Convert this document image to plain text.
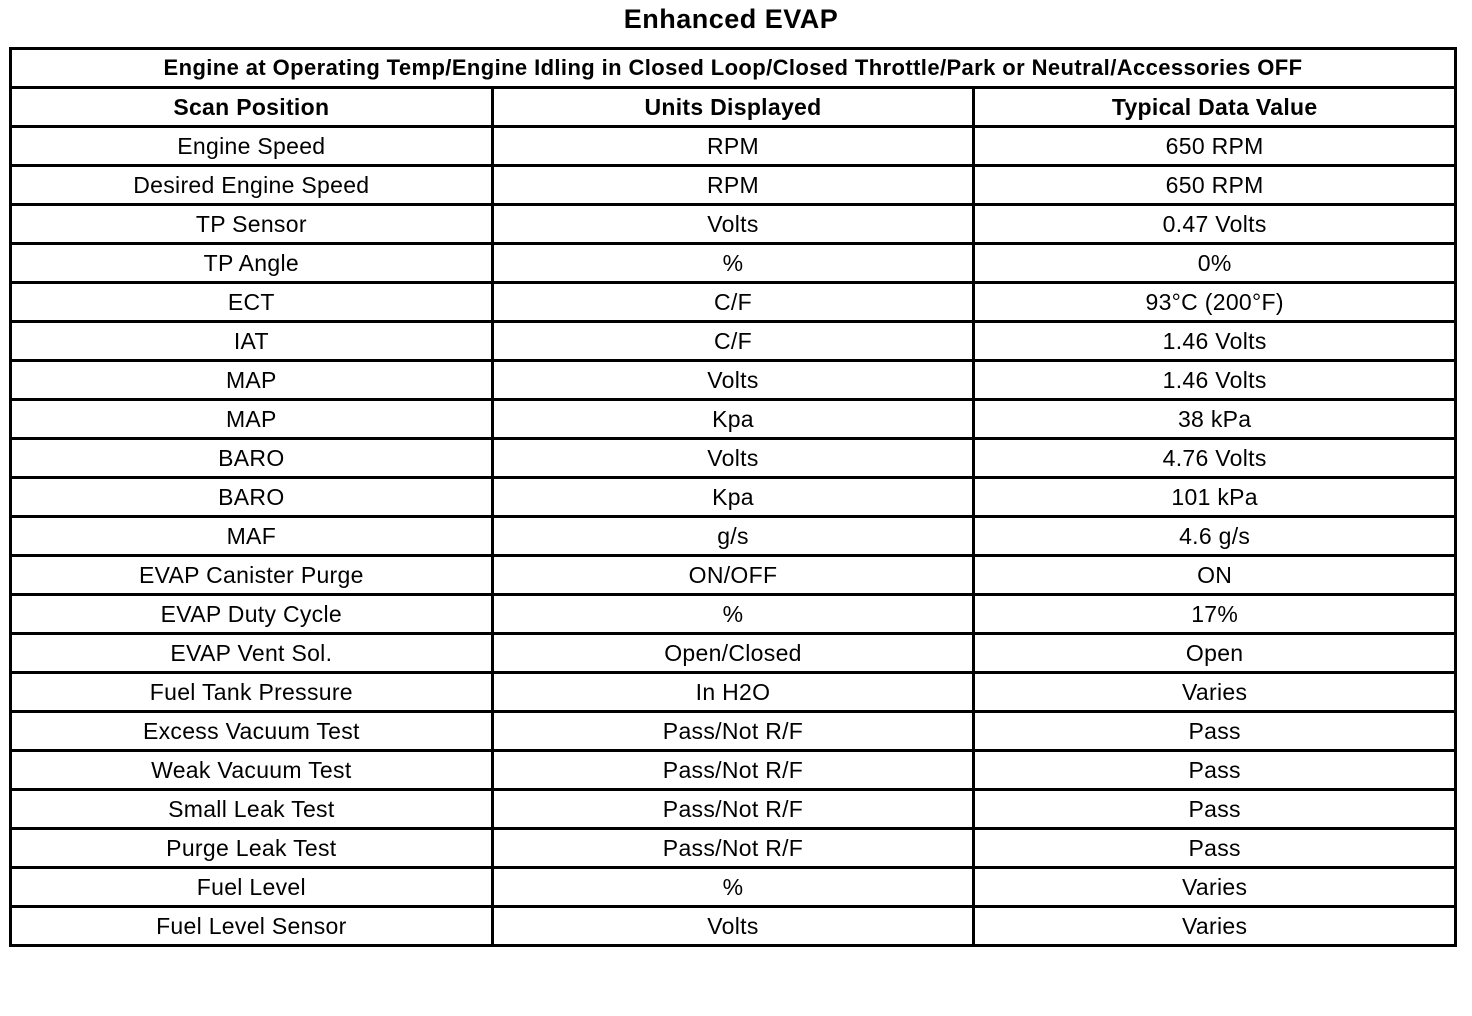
Enhanced EVAP
Engine at Operating Temp/Engine Idling in Closed Loop/Closed Throttle/Park or Neutral/Accessories OFF		
Scan Position	Units Displayed	Typical Data Value
Engine Speed	RPM	650 RPM
Desired Engine Speed	RPM	650 RPM
TP Sensor	Volts	0.47 Volts
TP Angle	%	0%
ECT	C/F	93°C (200°F)
IAT	C/F	1.46 Volts
MAP	Volts	1.46 Volts
MAP	Kpa	38 kPa
BARO	Volts	4.76 Volts
BARO	Kpa	101 kPa
MAF	g/s	4.6 g/s
EVAP Canister Purge	ON/OFF	ON
EVAP Duty Cycle	%	17%
EVAP Vent Sol.	Open/Closed	Open
Fuel Tank Pressure	In H2O	Varies
Excess Vacuum Test	Pass/Not R/F	Pass
Weak Vacuum Test	Pass/Not R/F	Pass
Small Leak Test	Pass/Not R/F	Pass
Purge Leak Test	Pass/Not R/F	Pass
Fuel Level	%	Varies
Fuel Level Sensor	Volts	Varies
